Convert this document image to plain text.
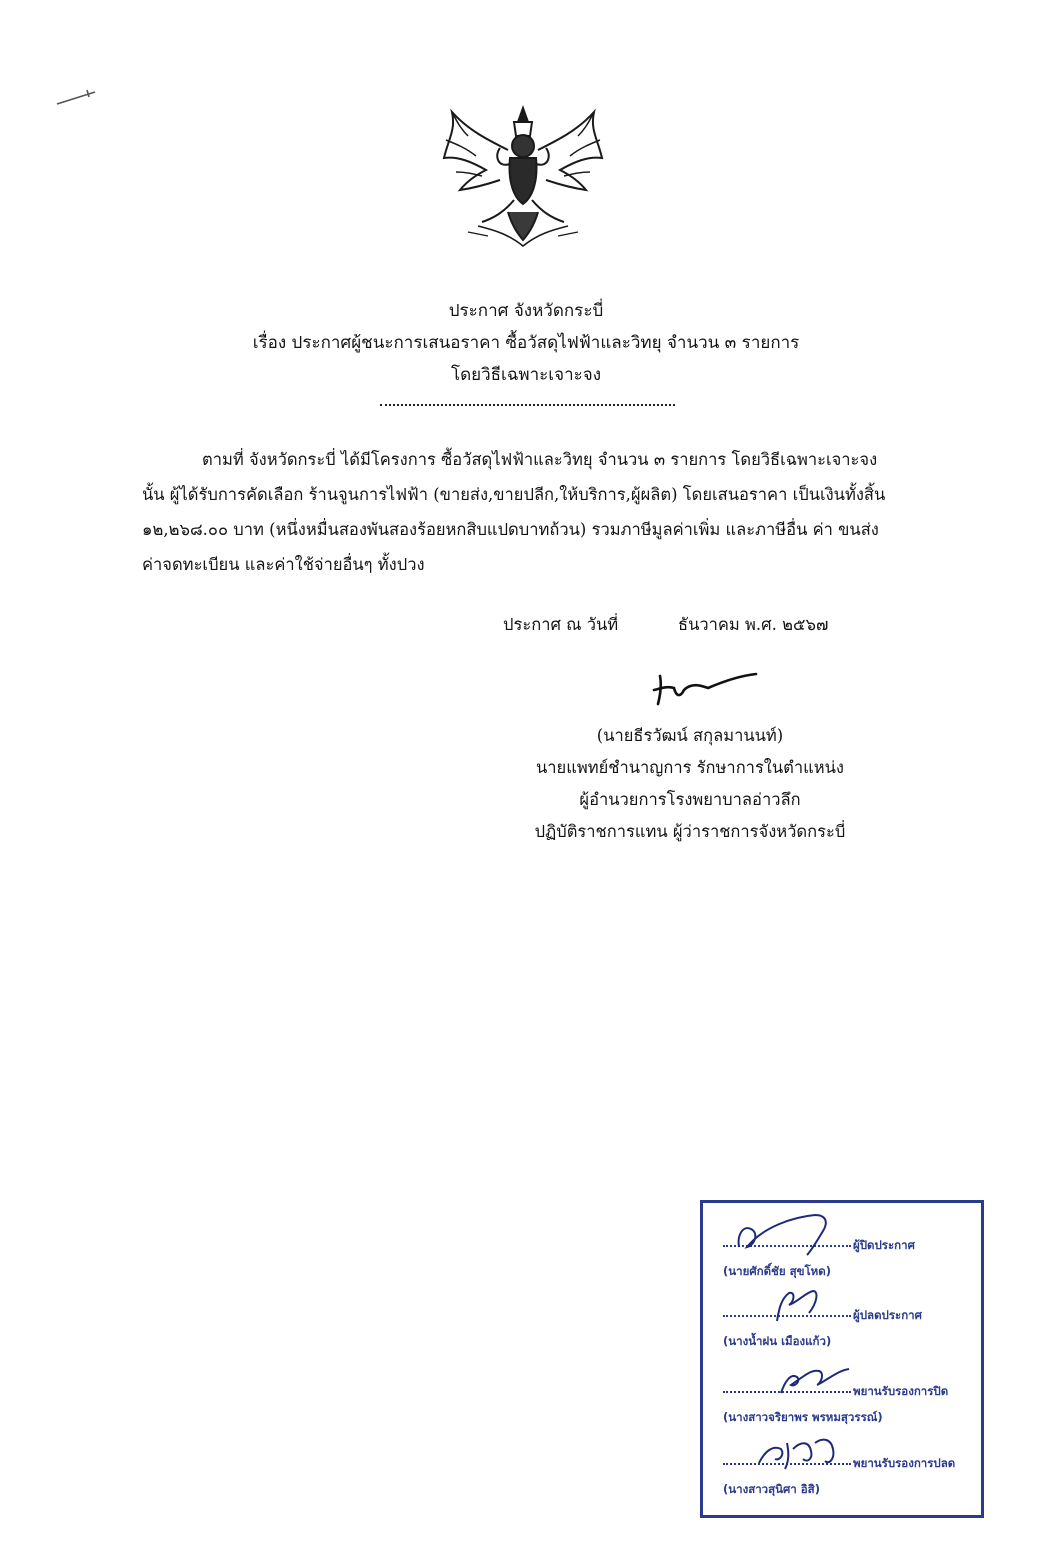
ประกาศ จังหวัดกระบี่
เรื่อง ประกาศผู้ชนะการเสนอราคา ซื้อวัสดุไฟฟ้าและวิทยุ จำนวน ๓ รายการ
โดยวิธีเฉพาะเจาะจง
ตามที่ จังหวัดกระบี่ ได้มีโครงการ ซื้อวัสดุไฟฟ้าและวิทยุ จำนวน ๓ รายการ โดยวิธีเฉพาะเจาะจง
นั้น ผู้ได้รับการคัดเลือก ร้านจูนการไฟฟ้า (ขายส่ง,ขายปลีก,ให้บริการ,ผู้ผลิต) โดยเสนอราคา เป็นเงินทั้งสิ้น
๑๒,๒๖๘.๐๐ บาท (หนึ่งหมื่นสองพันสองร้อยหกสิบแปดบาทถ้วน) รวมภาษีมูลค่าเพิ่ม และภาษีอื่น ค่า ขนส่ง
ค่าจดทะเบียน และค่าใช้จ่ายอื่นๆ ทั้งปวง
ประกาศ ณ วันที่	ธันวาคม พ.ศ. ๒๕๖๗
(นายธีรวัฒน์ สกุลมานนท์)
นายแพทย์ชำนาญการ รักษาการในตำแหน่ง
ผู้อำนวยการโรงพยาบาลอ่าวลึก
ปฏิบัติราชการแทน ผู้ว่าราชการจังหวัดกระบี่
ผู้ปิดประกาศ
(นายศักดิ์ชัย สุขโหด)
ผู้ปลดประกาศ
(นางน้ำฝน เมืองแก้ว)
พยานรับรองการปิด
(นางสาวจริยาพร พรหมสุวรรณ์)
พยานรับรองการปลด
(นางสาวสุนิศา อิสิ)
